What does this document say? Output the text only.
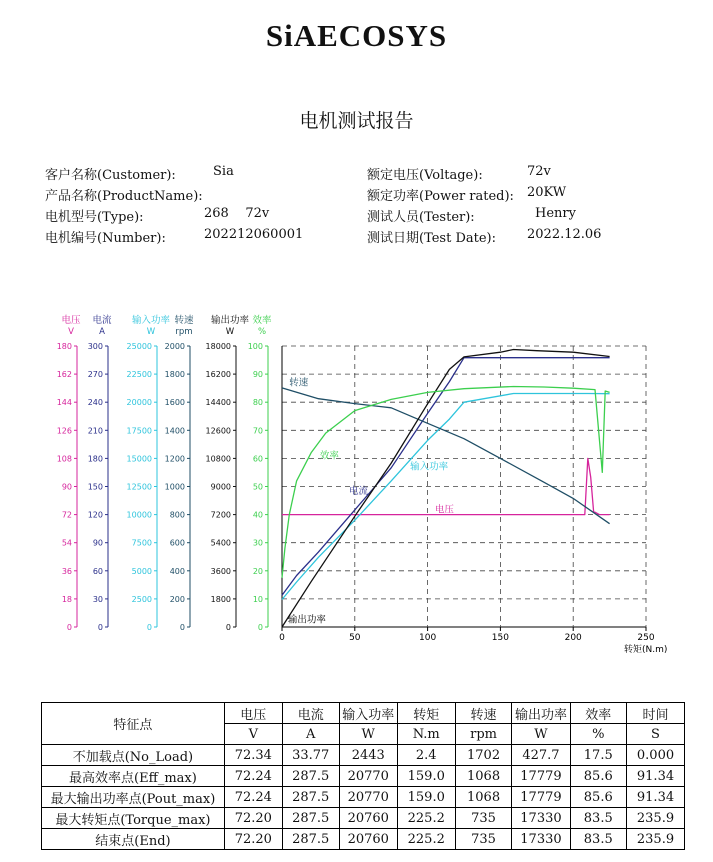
SiAECOSYS
电机测试报告
客户名称(Customer):	Sia
产品名称(ProductName):
电机型号(Type):	268    72v
电机编号(Number):	202212060001
额定电压(Voltage):	72v
额定功率(Power rated): 20KW
测试人员(Tester):	Henry
测试日期(Test Date): 2022.12.06
0	50	100	150	200	250
转矩(N.m)
电压
V
0
18
36
54
72
90
108
126
144
162
180
电流
A
0
30
60
90
120
150
180
210
240
270
300
输入功率
W
0
2500
5000
7500
10000
12500
15000
17500
20000
22500
25000
转速
rpm
0
200
400
600
800
1000
1200
1400
1600
1800
2000
输出功率
W
0
1800
3600
5400
7200
9000
10800
12600
14400
16200
18000
效率
%
0
10
20
30
40
50
60
70
80
90
100
转速
效率
输入功率
电流
电压
输出功率
特征点	电压	电流	输入功率	转矩	转速	输出功率	效率	时间
	V	A	W	N.m	rpm	W	%	S
不加载点(No_Load)	72.34	33.77	2443	2.4	1702	427.7	17.5	0.000
最高效率点(Eff_max)	72.24	287.5	20770	159.0	1068	17779	85.6	91.34
最大输出功率点(Pout_max)	72.24	287.5	20770	159.0	1068	17779	85.6	91.34
最大转矩点(Torque_max)	72.20	287.5	20760	225.2	735	17330	83.5	235.9
结束点(End)	72.20	287.5	20760	225.2	735	17330	83.5	235.9
